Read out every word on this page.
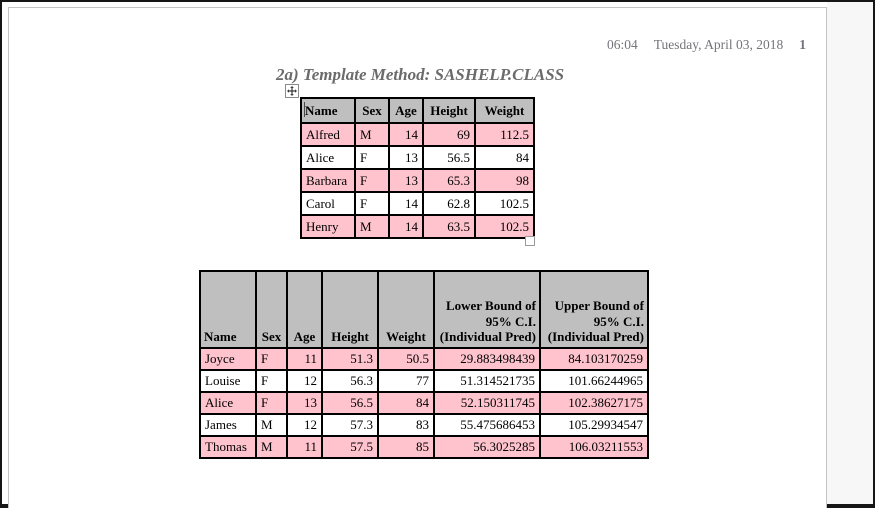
06:04 Tuesday, April 03, 2018 1
2a) Template Method: SASHELP.CLASS
Name	Sex	Age	Height	Weight
Alfred	M	14	69	112.5
Alice	F	13	56.5	84
Barbara	F	13	65.3	98
Carol	F	14	62.8	102.5
Henry	M	14	63.5	102.5
Name	Sex	Age	Height	Weight	Lower Bound of 95% C.I.(Individual Pred)	Upper Bound of 95% C.I.(Individual Pred)
Joyce	F	11	51.3	50.5	29.883498439	84.103170259
Louise	F	12	56.3	77	51.314521735	101.66244965
Alice	F	13	56.5	84	52.150311745	102.38627175
James	M	12	57.3	83	55.475686453	105.29934547
Thomas	M	11	57.5	85	56.3025285	106.03211553
